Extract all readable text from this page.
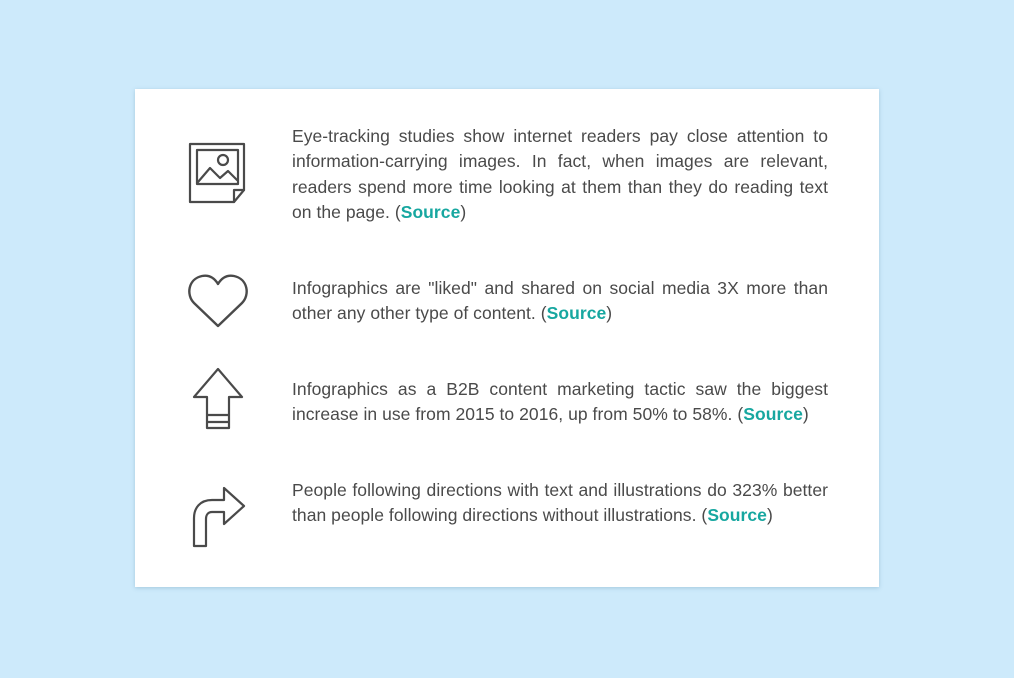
Eye-tracking studies show internet readers pay close attention to information-carrying images. In fact, when images are relevant, readers spend more time looking at them than they do reading text on the page. (Source)

Infographics are "liked" and shared on social media 3X more than other any other type of content. (Source)

Infographics as a B2B content marketing tactic saw the biggest increase in use from 2015 to 2016, up from 50% to 58%. (Source)

People following directions with text and illustrations do 323% better than people following directions without illustrations. (Source)
